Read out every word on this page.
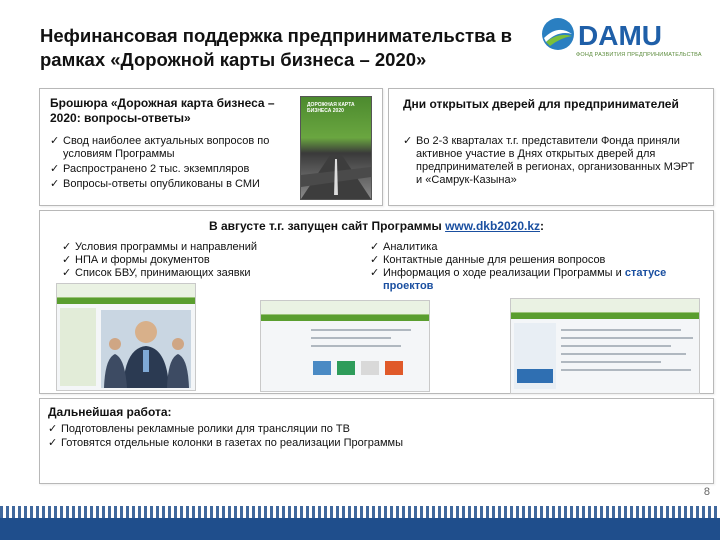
Нефинансовая поддержка предпринимательства в рамках «Дорожной карты бизнеса – 2020»
DAMU
ФОНД РАЗВИТИЯ ПРЕДПРИНИМАТЕЛЬСТВА
Брошюра «Дорожная карта бизнеса – 2020: вопросы-ответы»
✓ Свод наиболее актуальных вопросов по условиям Программы
✓ Распространено 2 тыс. экземпляров
✓ Вопросы-ответы опубликованы в СМИ
ДОРОЖНАЯ КАРТА БИЗНЕСА 2020	Дни открытых дверей для предпринимателей
✓ Во 2-3 кварталах т.г. представители Фонда приняли активное участие в Днях открытых дверей для предпринимателей в регионах, организованных МЭРТ и «Самрук-Казына»
В августе т.г. запущен сайт Программы www.dkb2020.kz:
✓ Условия программы и направлений
✓ НПА и формы документов
✓ Список БВУ, принимающих заявки
✓ Аналитика
✓ Контактные данные для решения вопросов
✓ Информация о ходе реализации Программы и статусе проектов
Дальнейшая работа:
✓ Подготовлены рекламные ролики для трансляции по ТВ
✓ Готовятся отдельные колонки в газетах по реализации Программы
8
